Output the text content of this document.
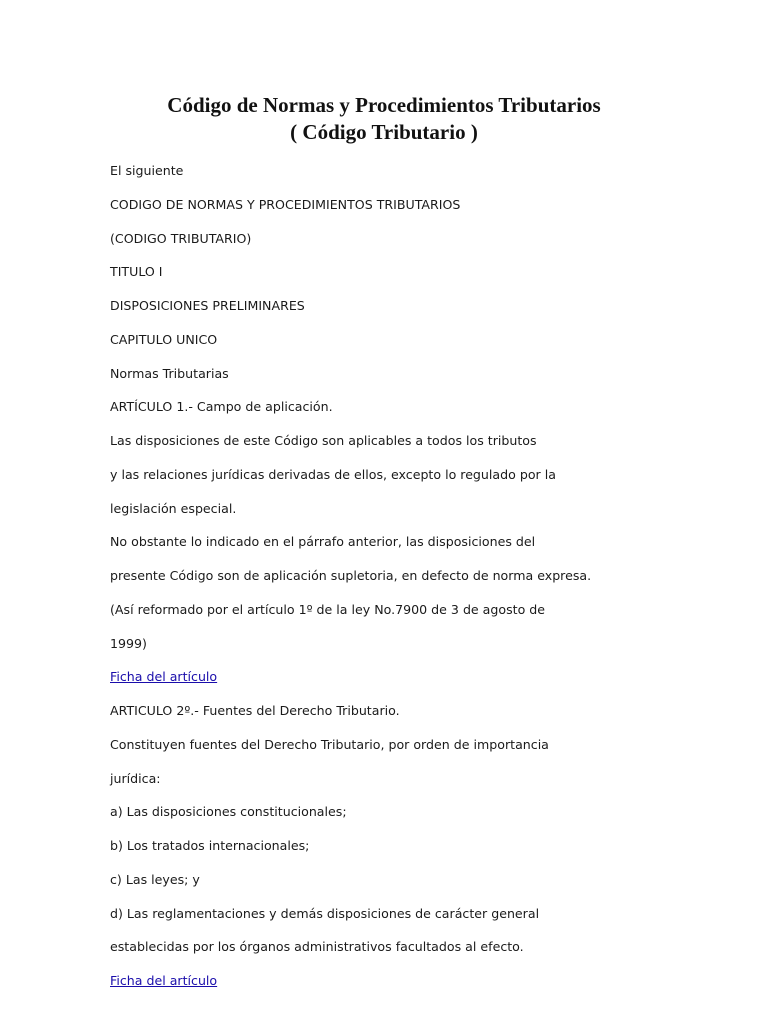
Código de Normas y Procedimientos Tributarios
( Código Tributario )
El siguiente
CODIGO DE NORMAS Y PROCEDIMIENTOS TRIBUTARIOS
(CODIGO TRIBUTARIO)
TITULO I
DISPOSICIONES PRELIMINARES
CAPITULO UNICO
Normas Tributarias
ARTÍCULO 1.- Campo de aplicación.
Las disposiciones de este Código son aplicables a todos los tributos
y las relaciones jurídicas derivadas de ellos, excepto lo regulado por la
legislación especial.
No obstante lo indicado en el párrafo anterior, las disposiciones del
presente Código son de aplicación supletoria, en defecto de norma expresa.
(Así reformado por el artículo 1º de la ley No.7900 de 3 de agosto de
1999)
Ficha del artículo
ARTICULO 2º.- Fuentes del Derecho Tributario.
Constituyen fuentes del Derecho Tributario, por orden de importancia
jurídica:
a) Las disposiciones constitucionales;
b) Los tratados internacionales;
c) Las leyes; y
d) Las reglamentaciones y demás disposiciones de carácter general
establecidas por los órganos administrativos facultados al efecto.
Ficha del artículo
